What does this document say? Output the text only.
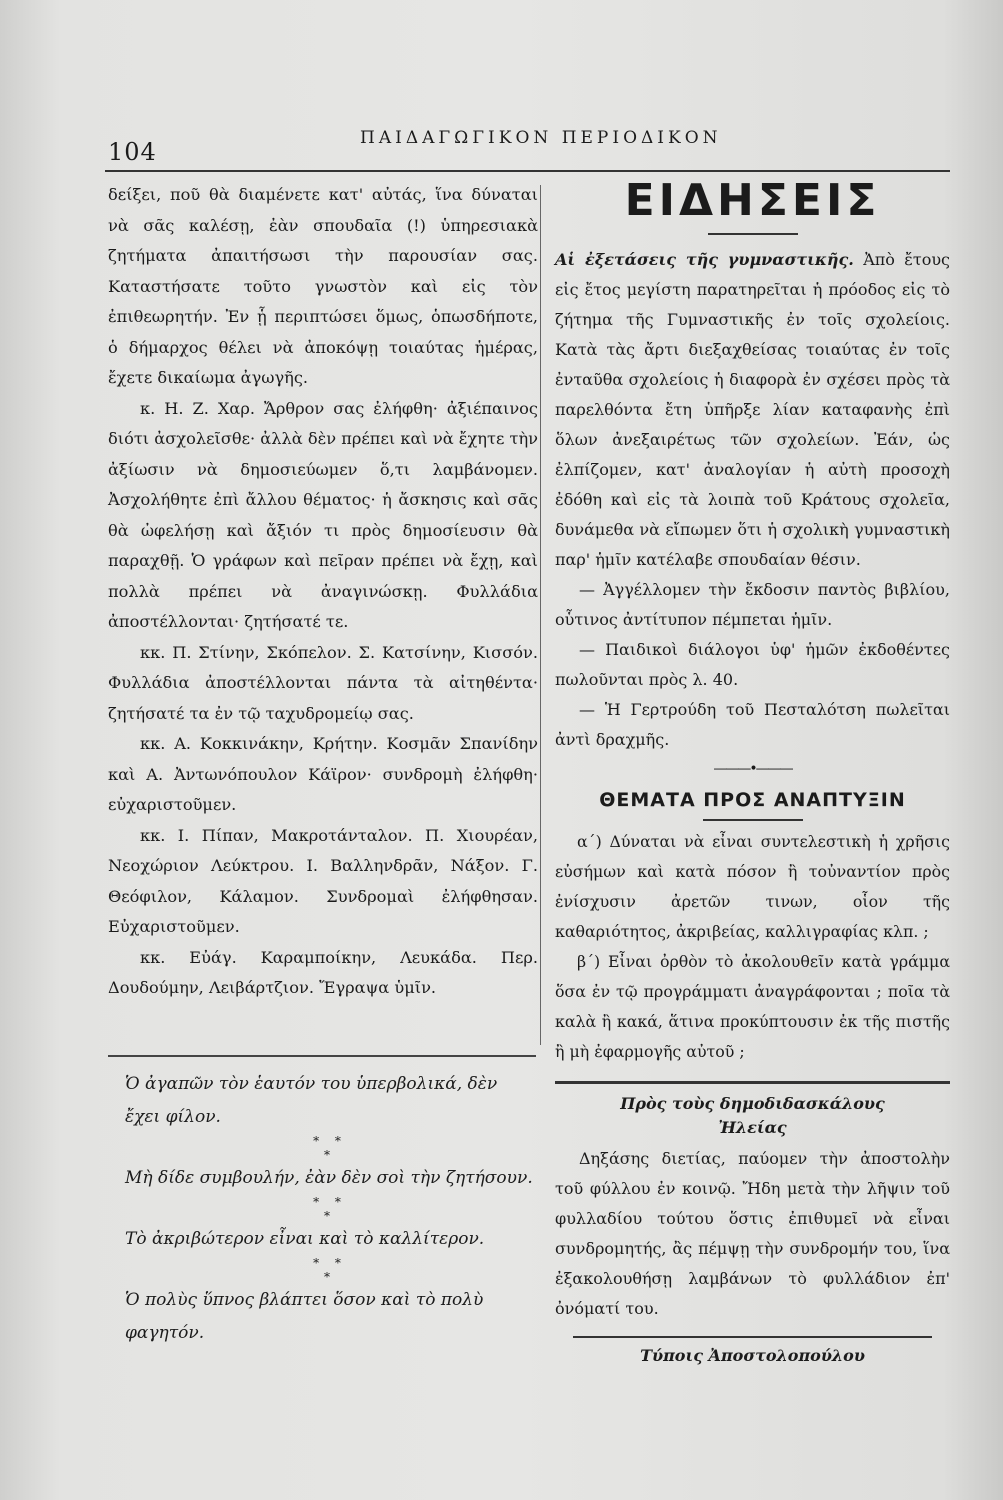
104	ΠΑΙΔΑΓΩΓΙΚΟΝ ΠΕΡΙΟΔΙΚΟΝ

δείξει, ποῦ θὰ διαμένετε κατ' αὐτάς, ἵνα δύναται νὰ σᾶς καλέσῃ, ἐὰν σπουδαῖα (!) ὑπηρεσιακὰ ζητήματα ἀπαιτήσωσι τὴν παρουσίαν σας. Καταστήσατε τοῦτο γνωστὸν καὶ εἰς τὸν ἐπιθεωρητήν. Ἐν ᾗ περιπτώσει ὅμως, ὁπωσδήποτε, ὁ δήμαρχος θέλει νὰ ἀποκόψῃ τοιαύτας ἡμέρας, ἔχετε δικαίωμα ἀγωγῆς.

κ. Η. Ζ. Χαρ. Ἄρθρον σας ἐλήφθη· ἀξιέπαινος διότι ἀσχολεῖσθε· ἀλλὰ δὲν πρέπει καὶ νὰ ἔχητε τὴν ἀξίωσιν νὰ δημοσιεύωμεν ὅ,τι λαμβάνομεν. Ἀσχολήθητε ἐπὶ ἄλλου θέματος· ἡ ἄσκησις καὶ σᾶς θὰ ὠφελήσῃ καὶ ἄξιόν τι πρὸς δημοσίευσιν θὰ παραχθῇ. Ὁ γράφων καὶ πεῖραν πρέπει νὰ ἔχῃ, καὶ πολλὰ πρέπει νὰ ἀναγινώσκῃ. Φυλλάδια ἀποστέλλονται· ζητήσατέ τε.

κκ. Π. Στίνην, Σκόπελον. Σ. Κατσίνην, Κισσόν. Φυλλάδια ἀποστέλλονται πάντα τὰ αἰτηθέντα· ζητήσατέ τα ἐν τῷ ταχυδρομείῳ σας.

κκ. Α. Κοκκινάκην, Κρήτην. Κοσμᾶν Σπανίδην καὶ Α. Ἀντωνόπουλον Κάϊρον· συνδρομὴ ἐλήφθη· εὐχαριστοῦμεν.

κκ. Ι. Πίπαν, Μακροτάνταλον. Π. Χιουρέαν, Νεοχώριον Λεύκτρου. Ι. Βαλληνδρᾶν, Νάξον. Γ. Θεόφιλον, Κάλαμον. Συνδρομαὶ ἐλήφθησαν. Εὐχαριστοῦμεν.

κκ. Εὐάγ. Καραμποίκην, Λευκάδα. Περ. Δουδούμην, Λειβάρτζιον. Ἔγραψα ὑμῖν.

Ὁ ἀγαπῶν τὸν ἑαυτόν του ὑπερβολικά, δὲν ἔχει φίλον.

* *
*

Μὴ δίδε συμβουλήν, ἐὰν δὲν σοὶ τὴν ζητήσουν.

* *
*

Τὸ ἀκριβώτερον εἶναι καὶ τὸ καλλίτερον.

* *
*

Ὁ πολὺς ὕπνος βλάπτει ὅσον καὶ τὸ πολὺ φαγητόν.

ΕΙΔΗΣΕΙΣ

Αἱ ἐξετάσεις τῆς γυμναστικῆς. Ἀπὸ ἔτους εἰς ἔτος μεγίστη παρατηρεῖται ἡ πρόοδος εἰς τὸ ζήτημα τῆς Γυμναστικῆς ἐν τοῖς σχολείοις. Κατὰ τὰς ἄρτι διεξαχθείσας τοιαύτας ἐν τοῖς ἐνταῦθα σχολείοις ἡ διαφορὰ ἐν σχέσει πρὸς τὰ παρελθόντα ἔτη ὑπῆρξε λίαν καταφανὴς ἐπὶ ὅλων ἀνεξαιρέτως τῶν σχολείων. Ἐάν, ὡς ἐλπίζομεν, κατ' ἀναλογίαν ἡ αὐτὴ προσοχὴ ἐδόθη καὶ εἰς τὰ λοιπὰ τοῦ Κράτους σχολεῖα, δυνάμεθα νὰ εἴπωμεν ὅτι ἡ σχολικὴ γυμναστικὴ παρ' ἡμῖν κατέλαβε σπουδαίαν θέσιν.

— Ἀγγέλλομεν τὴν ἔκδοσιν παντὸς βιβλίου, οὗτινος ἀντίτυπον πέμπεται ἡμῖν.

— Παιδικοὶ διάλογοι ὑφ' ἡμῶν ἐκδοθέντες πωλοῦνται πρὸς λ. 40.

— Ἡ Γερτρούδη τοῦ Πεσταλότση πωλεῖται ἀντὶ δραχμῆς.

———•———
ΘΕΜΑΤΑ ΠΡΟΣ ΑΝΑΠΤΥΞΙΝ

α΄) Δύναται νὰ εἶναι συντελεστικὴ ἡ χρῆσις εὐσήμων καὶ κατὰ πόσον ἢ τοὐναντίον πρὸς ἐνίσχυσιν ἀρετῶν τινων, οἷον τῆς καθαριότητος, ἀκριβείας, καλλιγραφίας κλπ. ;

β΄) Εἶναι ὀρθὸν τὸ ἀκολουθεῖν κατὰ γράμμα ὅσα ἐν τῷ προγράμματι ἀναγράφονται ; ποῖα τὰ καλὰ ἢ κακά, ἅτινα προκύπτουσιν ἐκ τῆς πιστῆς ἢ μὴ ἐφαρμογῆς αὐτοῦ ;

Πρὸς τοὺς δημοδιδασκάλους
Ἠλείας

Δηξάσης διετίας, παύομεν τὴν ἀποστολὴν τοῦ φύλλου ἐν κοινῷ. Ἤδη μετὰ τὴν λῆψιν τοῦ φυλλαδίου τούτου ὅστις ἐπιθυμεῖ νὰ εἶναι συνδρομητής, ἂς πέμψῃ τὴν συνδρομήν του, ἵνα ἐξακολουθήσῃ λαμβάνων τὸ φυλλάδιον ἐπ' ὀνόματί του.

Τύποις Ἀποστολοπούλου
